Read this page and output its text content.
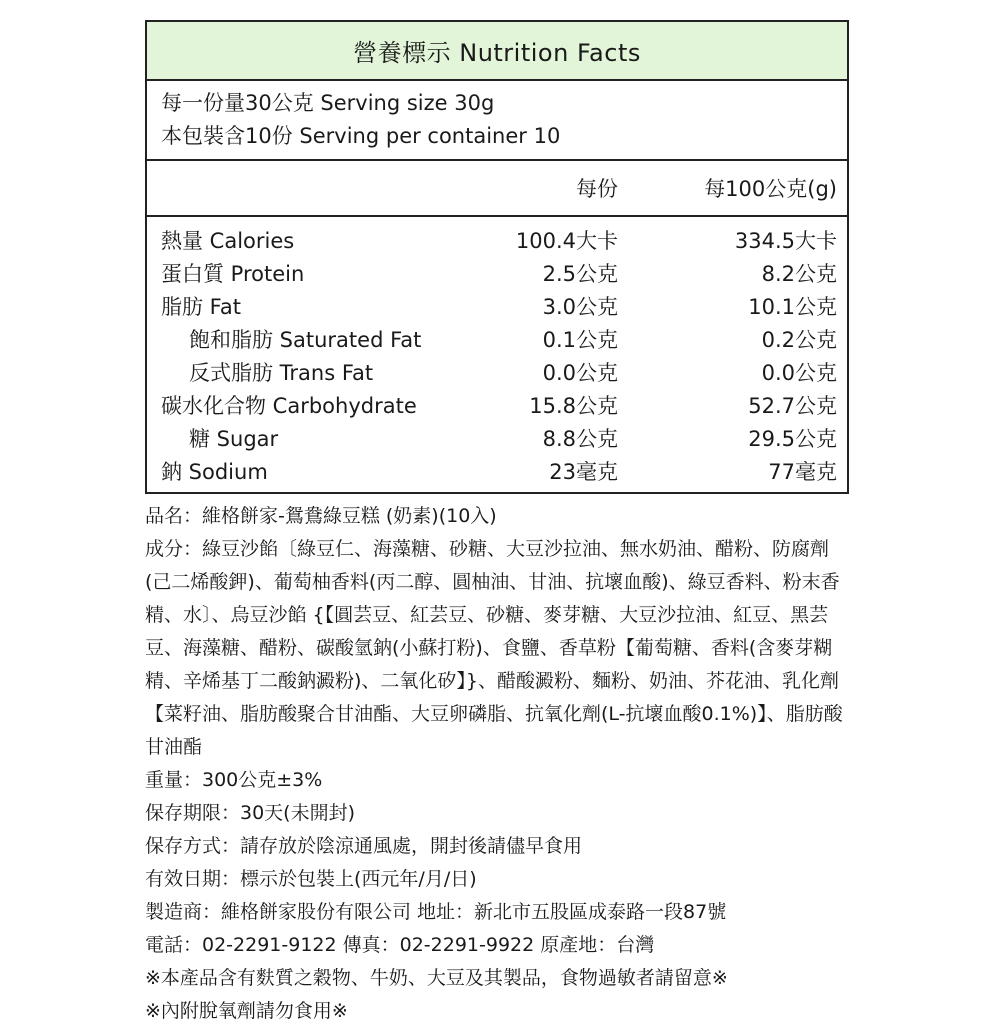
營養標示 Nutrition Facts
每一份量30公克 Serving size 30g
本包裝含10份 Serving per container 10
每份	每100公克(g)
熱量 Calories	100.4大卡	334.5大卡
蛋白質 Protein	2.5公克	8.2公克
脂肪 Fat	3.0公克	10.1公克
飽和脂肪 Saturated Fat	0.1公克	0.2公克
反式脂肪 Trans Fat	0.0公克	0.0公克
碳水化合物 Carbohydrate	15.8公克	52.7公克
糖 Sugar	8.8公克	29.5公克
鈉 Sodium	23毫克	77毫克

品名：維格餅家-鴛鴦綠豆糕 (奶素)(10入)

成分：綠豆沙餡〔綠豆仁、海藻糖、砂糖、大豆沙拉油、無水奶油、醋粉、防腐劑(己二烯酸鉀)、葡萄柚香料(丙二醇、圓柚油、甘油、抗壞血酸)、綠豆香料、粉末香精、水〕、烏豆沙餡 {【圓芸豆、紅芸豆、砂糖、麥芽糖、大豆沙拉油、紅豆、黑芸豆、海藻糖、醋粉、碳酸氫鈉(小蘇打粉)、食鹽、香草粉【葡萄糖、香料(含麥芽糊精、辛烯基丁二酸鈉澱粉)、二氧化矽】}、醋酸澱粉、麵粉、奶油、芥花油、乳化劑【菜籽油、脂肪酸聚合甘油酯、大豆卵磷脂、抗氧化劑(L-抗壞血酸0.1%)】、脂肪酸甘油酯

重量：300公克±3%

保存期限：30天(未開封)

保存方式：請存放於陰涼通風處，開封後請儘早食用

有效日期：標示於包裝上(西元年/月/日)

製造商：維格餅家股份有限公司 地址：新北市五股區成泰路一段87號

電話：02-2291-9122 傳真：02-2291-9922 原產地：台灣

※本產品含有麩質之穀物、牛奶、大豆及其製品，食物過敏者請留意※

※內附脫氧劑請勿食用※
